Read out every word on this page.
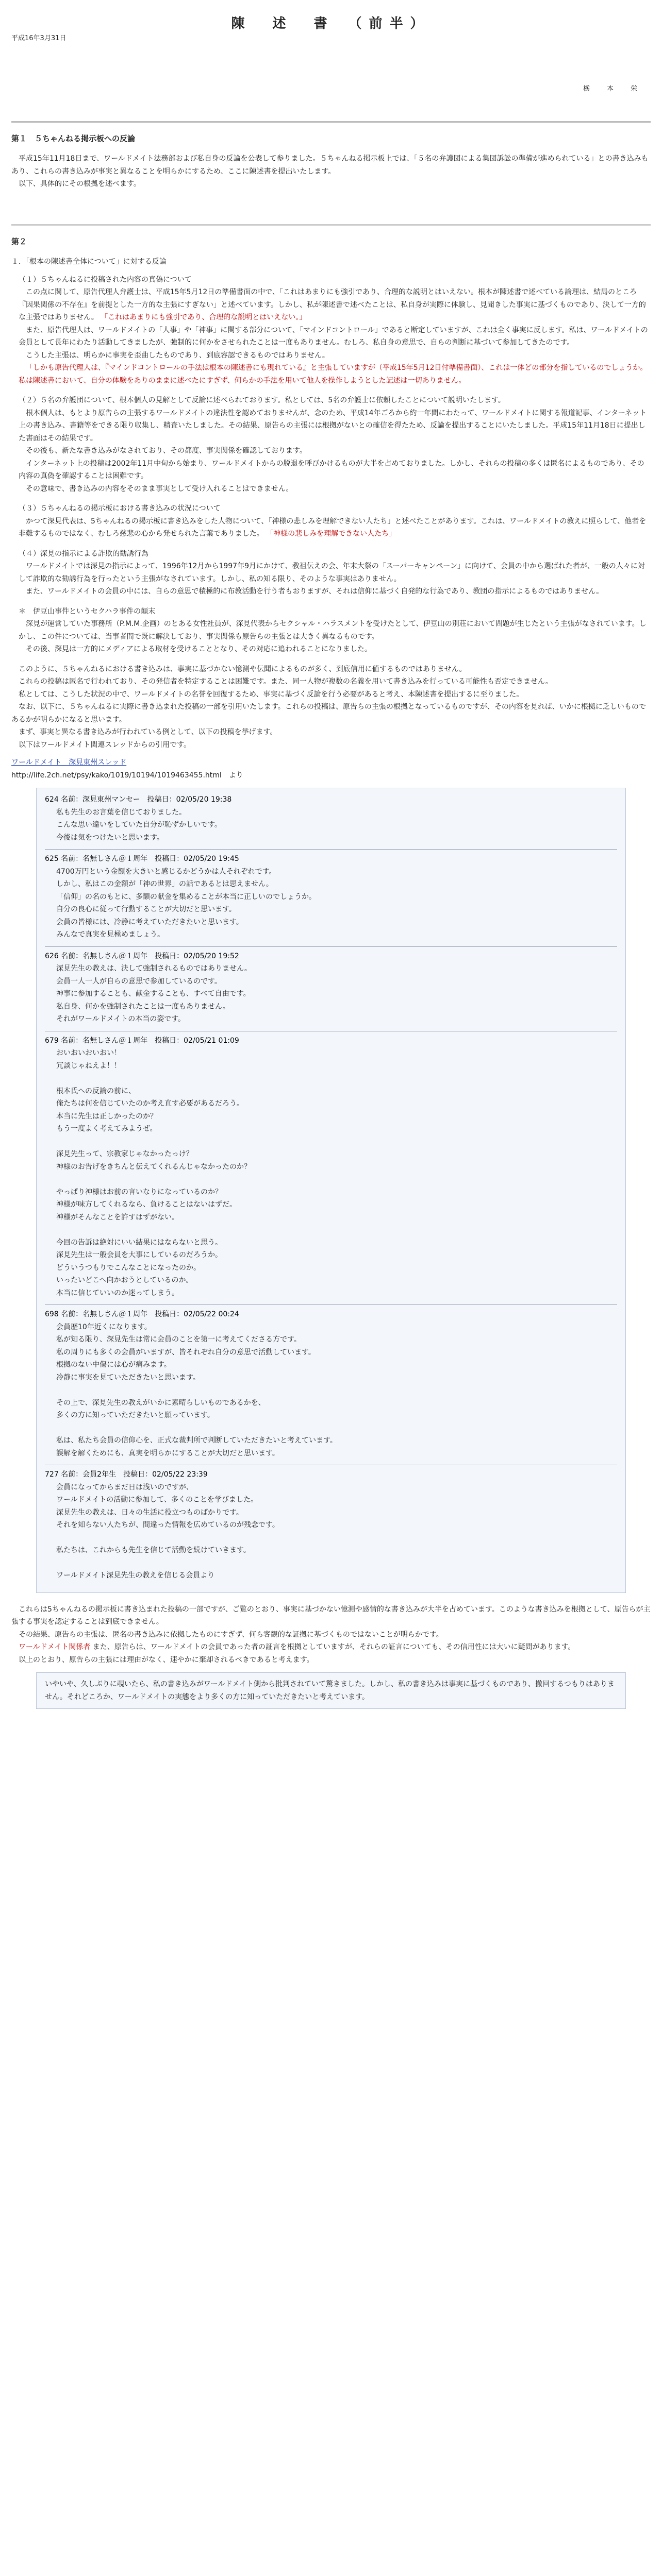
陳　述　書　（前半）
平成16年3月31日
栃　本　栄
第１　５ちゃんねる掲示板への反論

平成15年11月18日まで、ワールドメイト法務部および私自身の反論を公表して参りました。５ちゃんねる掲示板上では、「５名の弁護団による集団訴訟の準備が進められている」との書き込みもあり、これらの書き込みが事実と異なることを明らかにするため、ここに陳述書を提出いたします。

以下、具体的にその根拠を述べます。

第２

１．「根本の陳述書全体について」に対する反論

（１）５ちゃんねるに投稿された内容の真偽について

この点に関して、原告代理人弁護士は、平成15年5月12日の準備書面の中で、「これはあまりにも強引であり、合理的な説明とはいえない。根本が陳述書で述べている論理は、結局のところ『因果関係の不存在』を前提とした一方的な主張にすぎない」と述べています。しかし、私が陳述書で述べたことは、私自身が実際に体験し、見聞きした事実に基づくものであり、決して一方的な主張ではありません。 「これはあまりにも強引であり、合理的な説明とはいえない。」

また、原告代理人は、ワールドメイトの「人事」や「神事」に関する部分について、「マインドコントロール」であると断定していますが、これは全く事実に反します。私は、ワールドメイトの会員として長年にわたり活動してきましたが、強制的に何かをさせられたことは一度もありません。むしろ、私自身の意思で、自らの判断に基づいて参加してきたのです。

こうした主張は、明らかに事実を歪曲したものであり、到底容認できるものではありません。

「しかも原告代理人は、『マインドコントロールの手法は根本の陳述書にも現れている』と主張していますが（平成15年5月12日付準備書面）、これは一体どの部分を指しているのでしょうか。私は陳述書において、自分の体験をありのままに述べたにすぎず、何らかの手法を用いて他人を操作しようとした記述は一切ありません。

（２）５名の弁護団について、根本個人の見解として反論に述べられております。私としては、5名の弁護士に依頼したことについて説明いたします。

根本個人は、もとより原告らの主張するワールドメイトの違法性を認めておりませんが、念のため、平成14年ごろから約一年間にわたって、ワールドメイトに関する報道記事、インターネット上の書き込み、書籍等をできる限り収集し、精査いたしました。その結果、原告らの主張には根拠がないとの確信を得たため、反論を提出することにいたしました。平成15年11月18日に提出した書面はその結果です。

その後も、新たな書き込みがなされており、その都度、事実関係を確認しております。

インターネット上の投稿は2002年11月中旬から始まり、ワールドメイトからの脱退を呼びかけるものが大半を占めておりました。しかし、それらの投稿の多くは匿名によるものであり、その内容の真偽を確認することは困難です。

その意味で、書き込みの内容をそのまま事実として受け入れることはできません。

（３）５ちゃんねるの掲示板における書き込みの状況について

かつて深見代表は、5ちゃんねるの掲示板に書き込みをした人物について、「神様の悲しみを理解できない人たち」と述べたことがあります。これは、ワールドメイトの教えに照らして、他者を非難するものではなく、むしろ慈悲の心から発せられた言葉でありました。 「神様の悲しみを理解できない人たち」

（４）深見の指示による詐欺的勧誘行為

ワールドメイトでは深見の指示によって、1996年12月から1997年9月にかけて、教祖伝えの会、年末大祭の「スーパーキャンペーン」に向けて、会員の中から選ばれた者が、一般の人々に対して詐欺的な勧誘行為を行ったという主張がなされています。しかし、私の知る限り、そのような事実はありません。

また、ワールドメイトの会員の中には、自らの意思で積極的に布教活動を行う者もおりますが、それは信仰に基づく自発的な行為であり、教団の指示によるものではありません。

＊　伊豆山事件というセクハラ事件の顛末

深見が運営していた事務所（P.M.M.企画）のとある女性社員が、深見代表からセクシャル・ハラスメントを受けたとして、伊豆山の別荘において問題が生じたという主張がなされています。しかし、この件については、当事者間で既に解決しており、事実関係も原告らの主張とは大きく異なるものです。

その後、深見は一方的にメディアによる取材を受けることとなり、その対応に追われることになりました。

このように、５ちゃんねるにおける書き込みは、事実に基づかない憶測や伝聞によるものが多く、到底信用に値するものではありません。

これらの投稿は匿名で行われており、その発信者を特定することは困難です。また、同一人物が複数の名義を用いて書き込みを行っている可能性も否定できません。

私としては、こうした状況の中で、ワールドメイトの名誉を回復するため、事実に基づく反論を行う必要があると考え、本陳述書を提出するに至りました。

なお、以下に、５ちゃんねるに実際に書き込まれた投稿の一部を引用いたします。これらの投稿は、原告らの主張の根拠となっているものですが、その内容を見れば、いかに根拠に乏しいものであるかが明らかになると思います。

まず、事実と異なる書き込みが行われている例として、以下の投稿を挙げます。

以下はワールドメイト関連スレッドからの引用です。

ワールドメイト　深見東州スレッド

http://life.2ch.net/psy/kako/1019/10194/1019463455.html　より

624 名前：深見東州マンセー　投稿日：02/05/20 19:38
私も先生のお言葉を信じておりました。
こんな思い違いをしていた自分が恥ずかしいです。
今後は気をつけたいと思います。
625 名前：名無しさん＠１周年　投稿日：02/05/20 19:45
4700万円という金額を大きいと感じるかどうかは人それぞれです。
しかし、私はこの金額が「神の世界」の話であるとは思えません。
「信仰」の名のもとに、多額の献金を集めることが本当に正しいのでしょうか。
自分の良心に従って行動することが大切だと思います。
会員の皆様には、冷静に考えていただきたいと思います。
みんなで真実を見極めましょう。
626 名前：名無しさん＠１周年　投稿日：02/05/20 19:52
深見先生の教えは、決して強制されるものではありません。
会員一人一人が自らの意思で参加しているのです。
神事に参加することも、献金することも、すべて自由です。
私自身、何かを強制されたことは一度もありません。
それがワールドメイトの本当の姿です。
679 名前：名無しさん＠１周年　投稿日：02/05/21 01:09
おいおいおいおい！
冗談じゃねえよ！！

根本氏への反論の前に、
俺たちは何を信じていたのか考え直す必要があるだろう。
本当に先生は正しかったのか？
もう一度よく考えてみようぜ。

深見先生って、宗教家じゃなかったっけ？
神様のお告げをきちんと伝えてくれるんじゃなかったのか？

やっぱり神様はお前の言いなりになっているのか？
神様が味方してくれるなら、負けることはないはずだ。
神様がそんなことを許すはずがない。

今回の告訴は絶対にいい結果にはならないと思う。
深見先生は一般会員を大事にしているのだろうか。
どういうつもりでこんなことになったのか。
いったいどこへ向かおうとしているのか。
本当に信じていいのか迷ってしまう。
698 名前：名無しさん＠１周年　投稿日：02/05/22 00:24
会員歴10年近くになります。
私が知る限り、深見先生は常に会員のことを第一に考えてくださる方です。
私の周りにも多くの会員がいますが、皆それぞれ自分の意思で活動しています。
根拠のない中傷には心が痛みます。
冷静に事実を見ていただきたいと思います。

その上で、深見先生の教えがいかに素晴らしいものであるかを、
多くの方に知っていただきたいと願っています。

私は、私たち会員の信仰心を、正式な裁判所で判断していただきたいと考えています。
誤解を解くためにも、真実を明らかにすることが大切だと思います。
727 名前：会員2年生　投稿日：02/05/22 23:39
会員になってからまだ日は浅いのですが、
ワールドメイトの活動に参加して、多くのことを学びました。
深見先生の教えは、日々の生活に役立つものばかりです。
それを知らない人たちが、間違った情報を広めているのが残念です。

私たちは、これからも先生を信じて活動を続けていきます。

ワールドメイト深見先生の教えを信じる会員より

これらは5ちゃんねるの掲示板に書き込まれた投稿の一部ですが、ご覧のとおり、事実に基づかない憶測や感情的な書き込みが大半を占めています。このような書き込みを根拠として、原告らが主張する事実を認定することは到底できません。

その結果、原告らの主張は、匿名の書き込みに依拠したものにすぎず、何ら客観的な証拠に基づくものではないことが明らかです。

ワールドメイト関係者 また、原告らは、ワールドメイトの会員であった者の証言を根拠としていますが、それらの証言についても、その信用性には大いに疑問があります。

以上のとおり、原告らの主張には理由がなく、速やかに棄却されるべきであると考えます。

いやいや、久しぶりに覗いたら、私の書き込みがワールドメイト側から批判されていて驚きました。しかし、私の書き込みは事実に基づくものであり、撤回するつもりはありません。それどころか、ワールドメイトの実態をより多くの方に知っていただきたいと考えています。
